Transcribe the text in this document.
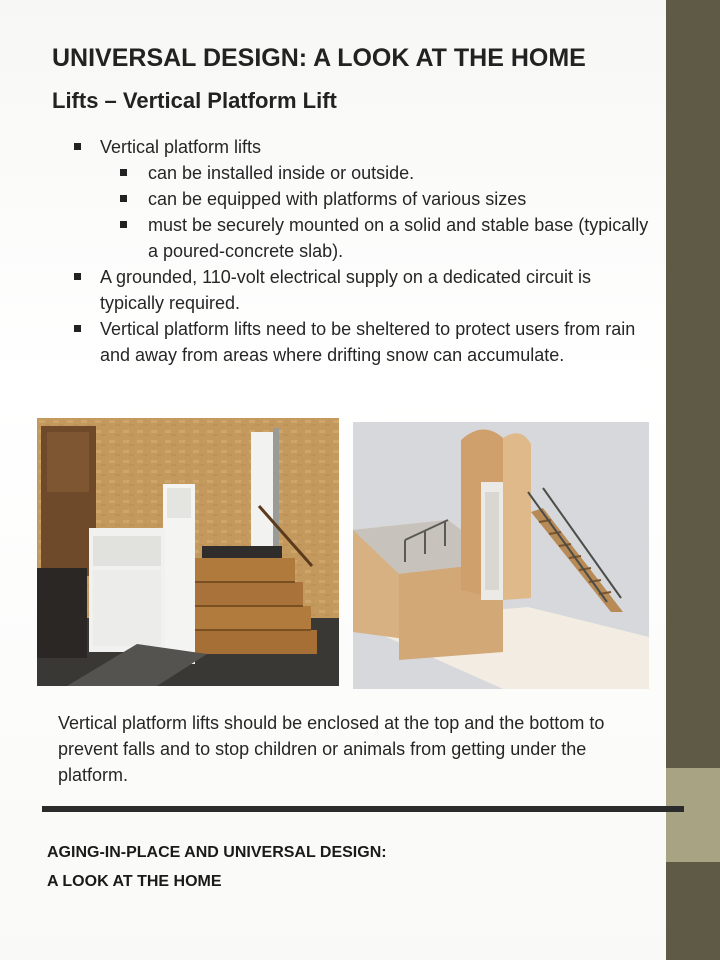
UNIVERSAL DESIGN: A LOOK AT THE HOME
Lifts – Vertical Platform Lift
Vertical platform lifts
can be installed inside or outside.
can be equipped with platforms of various sizes
must be securely mounted on a solid and stable base (typically a poured-concrete slab).
A grounded, 110-volt electrical supply on a dedicated circuit is typically required.
Vertical platform lifts need to be sheltered to protect users from rain and away from areas where drifting snow can accumulate.

Vertical platform lifts should be enclosed at the top and the bottom to prevent falls and to stop children or animals from getting under the platform.

AGING-IN-PLACE AND UNIVERSAL DESIGN:
A LOOK AT THE HOME
